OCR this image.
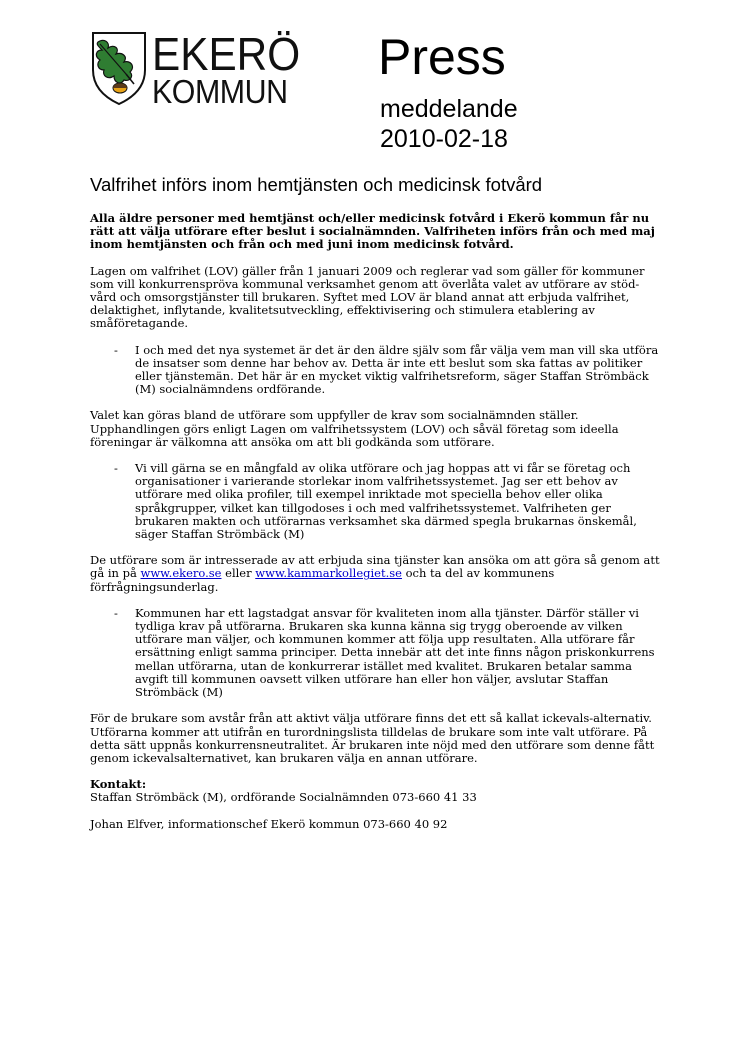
EKERÖ
KOMMUN
Press
meddelande
2010-02-18
Valfrihet införs inom hemtjänsten och medicinsk fotvård

Alla äldre personer med hemtjänst och/eller medicinsk fotvård i Ekerö kommun får nu rätt att välja utförare efter beslut i socialnämnden. Valfriheten införs från och med maj inom hemtjänsten och från och med juni inom medicinsk fotvård.

Lagen om valfrihet (LOV) gäller från 1 januari 2009 och reglerar vad som gäller för kommuner som vill konkurrenspröva kommunal verksamhet genom att överlåta valet av utförare av stöd- vård och omsorgstjänster till brukaren. Syftet med LOV är bland annat att erbjuda valfrihet, delaktighet, inflytande, kvalitetsutveckling, effektivisering och stimulera etablering av småföretagande.

- I och med det nya systemet är det är den äldre själv som får välja vem man vill ska utföra de insatser som denne har behov av. Detta är inte ett beslut som ska fattas av politiker eller tjänstemän. Det här är en mycket viktig valfrihetsreform, säger Staffan Strömbäck (M) socialnämndens ordförande.

Valet kan göras bland de utförare som uppfyller de krav som socialnämnden ställer. Upphandlingen görs enligt Lagen om valfrihetssystem (LOV) och såväl företag som ideella föreningar är välkomna att ansöka om att bli godkända som utförare.

- Vi vill gärna se en mångfald av olika utförare och jag hoppas att vi får se företag och organisationer i varierande storlekar inom valfrihetssystemet. Jag ser ett behov av utförare med olika profiler, till exempel inriktade mot speciella behov eller olika språkgrupper, vilket kan tillgodoses i och med valfrihetssystemet. Valfriheten ger brukaren makten och utförarnas verksamhet ska därmed spegla brukarnas önskemål, säger Staffan Strömbäck (M)

De utförare som är intresserade av att erbjuda sina tjänster kan ansöka om att göra så genom att gå in på www.ekero.se eller www.kammarkollegiet.se och ta del av kommunens förfrågningsunderlag.

- Kommunen har ett lagstadgat ansvar för kvaliteten inom alla tjänster. Därför ställer vi tydliga krav på utförarna. Brukaren ska kunna känna sig trygg oberoende av vilken utförare man väljer, och kommunen kommer att följa upp resultaten. Alla utförare får ersättning enligt samma principer. Detta innebär att det inte finns någon priskonkurrens mellan utförarna, utan de konkurrerar istället med kvalitet. Brukaren betalar samma avgift till kommunen oavsett vilken utförare han eller hon väljer, avslutar Staffan Strömbäck (M)

För de brukare som avstår från att aktivt välja utförare finns det ett så kallat ickevals-alternativ. Utförarna kommer att utifrån en turordningslista tilldelas de brukare som inte valt utförare. På detta sätt uppnås konkurrensneutralitet. Är brukaren inte nöjd med den utförare som denne fått genom ickevalsalternativet, kan brukaren välja en annan utförare.

Kontakt:

Staffan Strömbäck (M), ordförande Socialnämnden 073-660 41 33

Johan Elfver, informationschef Ekerö kommun 073-660 40 92
